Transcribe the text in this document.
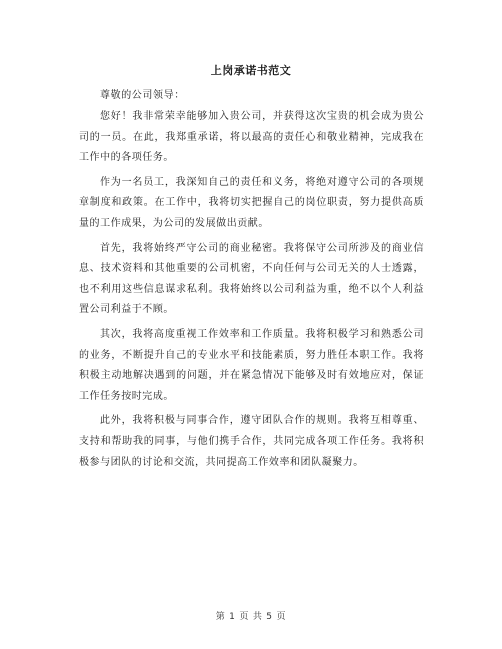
上岗承诺书范文
尊敬的公司领导：

您好！我非常荣幸能够加入贵公司，并获得这次宝贵的机会成为贵公司的一员。在此，我郑重承诺，将以最高的责任心和敬业精神，完成我在工作中的各项任务。

作为一名员工，我深知自己的责任和义务，将绝对遵守公司的各项规章制度和政策。在工作中，我将切实把握自己的岗位职责，努力提供高质量的工作成果，为公司的发展做出贡献。

首先，我将始终严守公司的商业秘密。我将保守公司所涉及的商业信息、技术资料和其他重要的公司机密，不向任何与公司无关的人士透露，也不利用这些信息谋求私利。我将始终以公司利益为重，绝不以个人利益置公司利益于不顾。

其次，我将高度重视工作效率和工作质量。我将积极学习和熟悉公司的业务，不断提升自己的专业水平和技能素质，努力胜任本职工作。我将积极主动地解决遇到的问题，并在紧急情况下能够及时有效地应对，保证工作任务按时完成。

此外，我将积极与同事合作，遵守团队合作的规则。我将互相尊重、支持和帮助我的同事，与他们携手合作，共同完成各项工作任务。我将积极参与团队的讨论和交流，共同提高工作效率和团队凝聚力。

第 1 页 共 5 页
